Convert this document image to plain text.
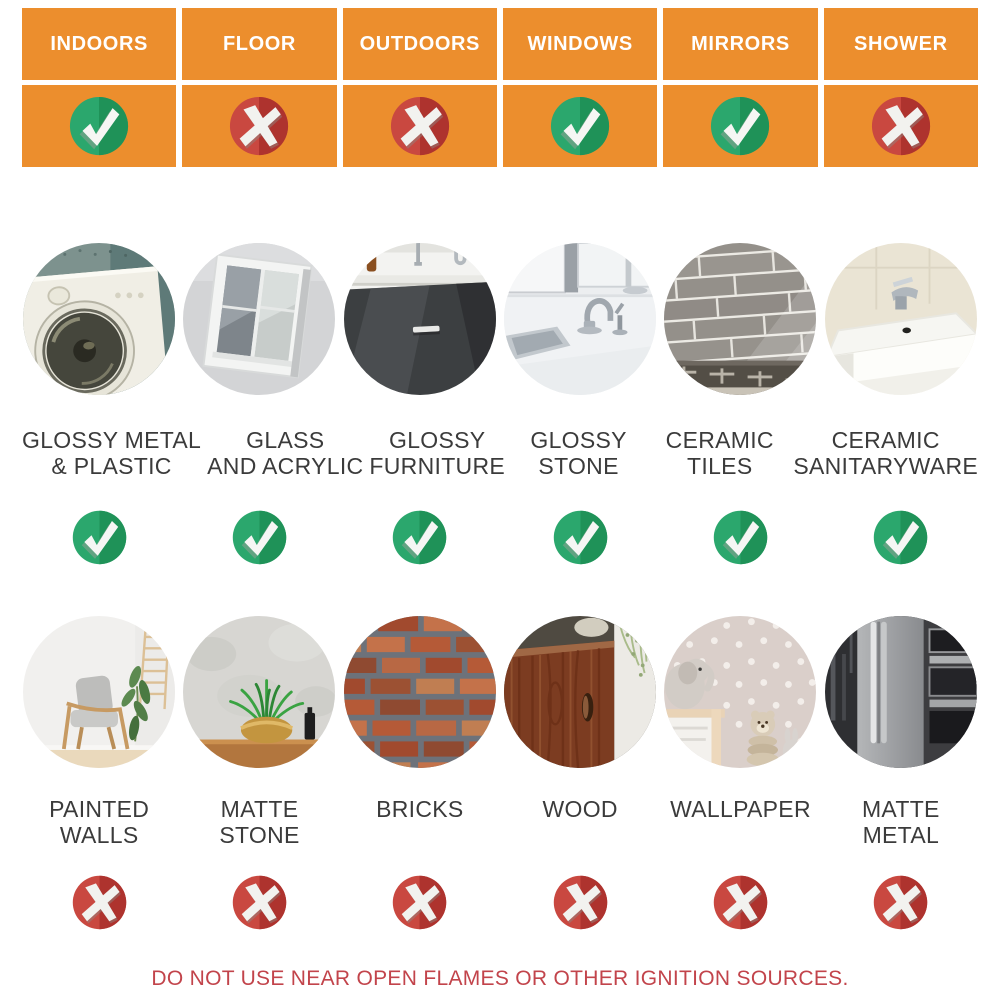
INDOORS	FLOOR	OUTDOORS	WINDOWS	MIRRORS	SHOWER
GLOSSY METAL
& PLASTIC
GLASS
AND ACRYLIC
GLOSSY
FURNITURE
GLOSSY
STONE
CERAMIC
TILES
CERAMIC
SANITARYWARE
PAINTED
WALLS
MATTE
STONE
BRICKS	WOOD	WALLPAPER	MATTE
METAL
DO NOT USE NEAR OPEN FLAMES OR OTHER IGNITION SOURCES.
